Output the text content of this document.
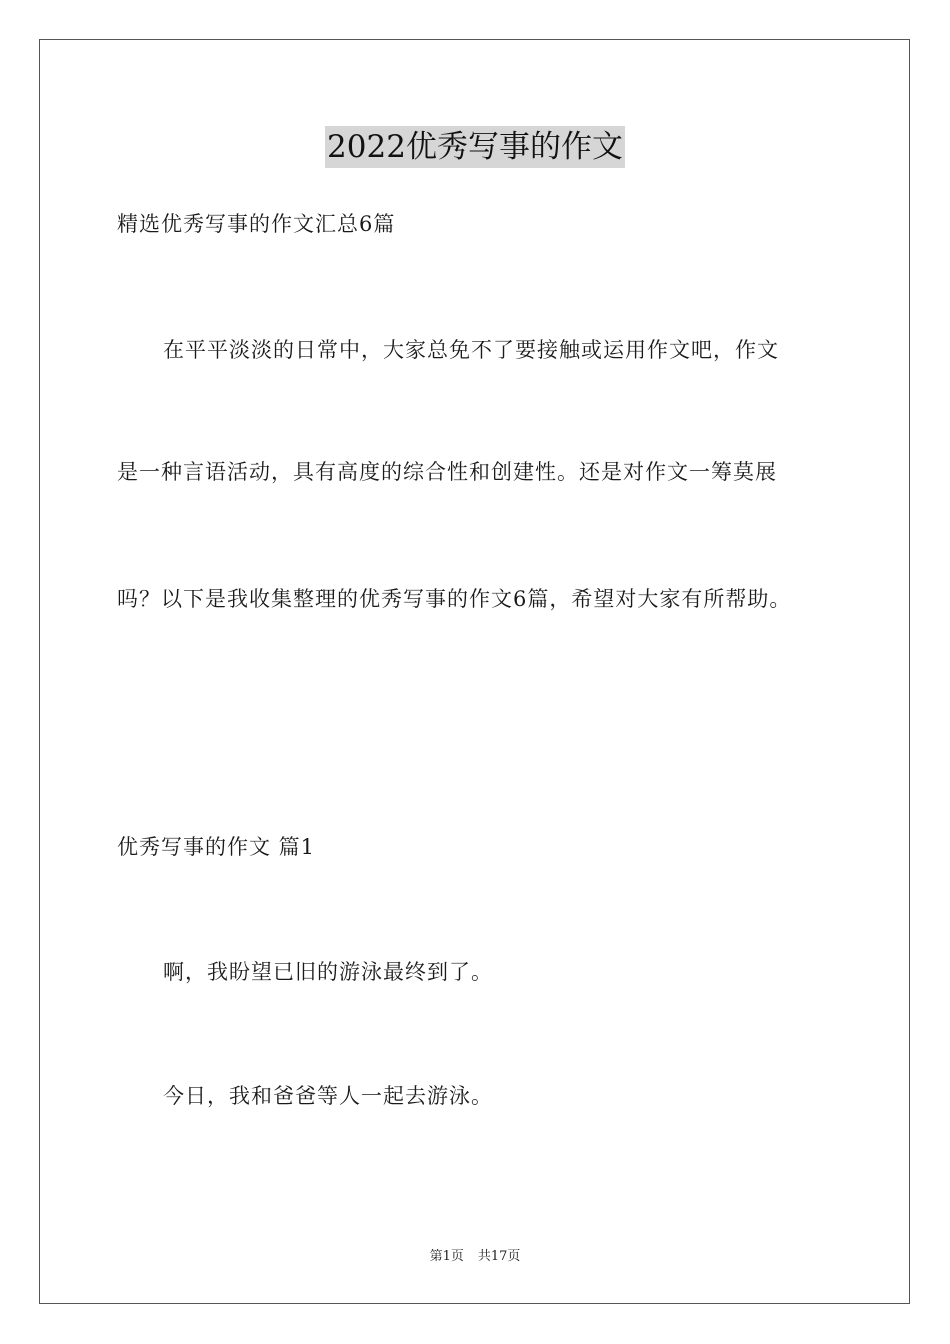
2022优秀写事的作文
精选优秀写事的作文汇总6篇
在平平淡淡的日常中，大家总免不了要接触或运用作文吧，作文
是一种言语活动，具有高度的综合性和创建性。还是对作文一筹莫展
吗？以下是我收集整理的优秀写事的作文6篇，希望对大家有所帮助。
优秀写事的作文 篇1
啊，我盼望已旧的游泳最终到了。
今日，我和爸爸等人一起去游泳。
第1页 共17页
